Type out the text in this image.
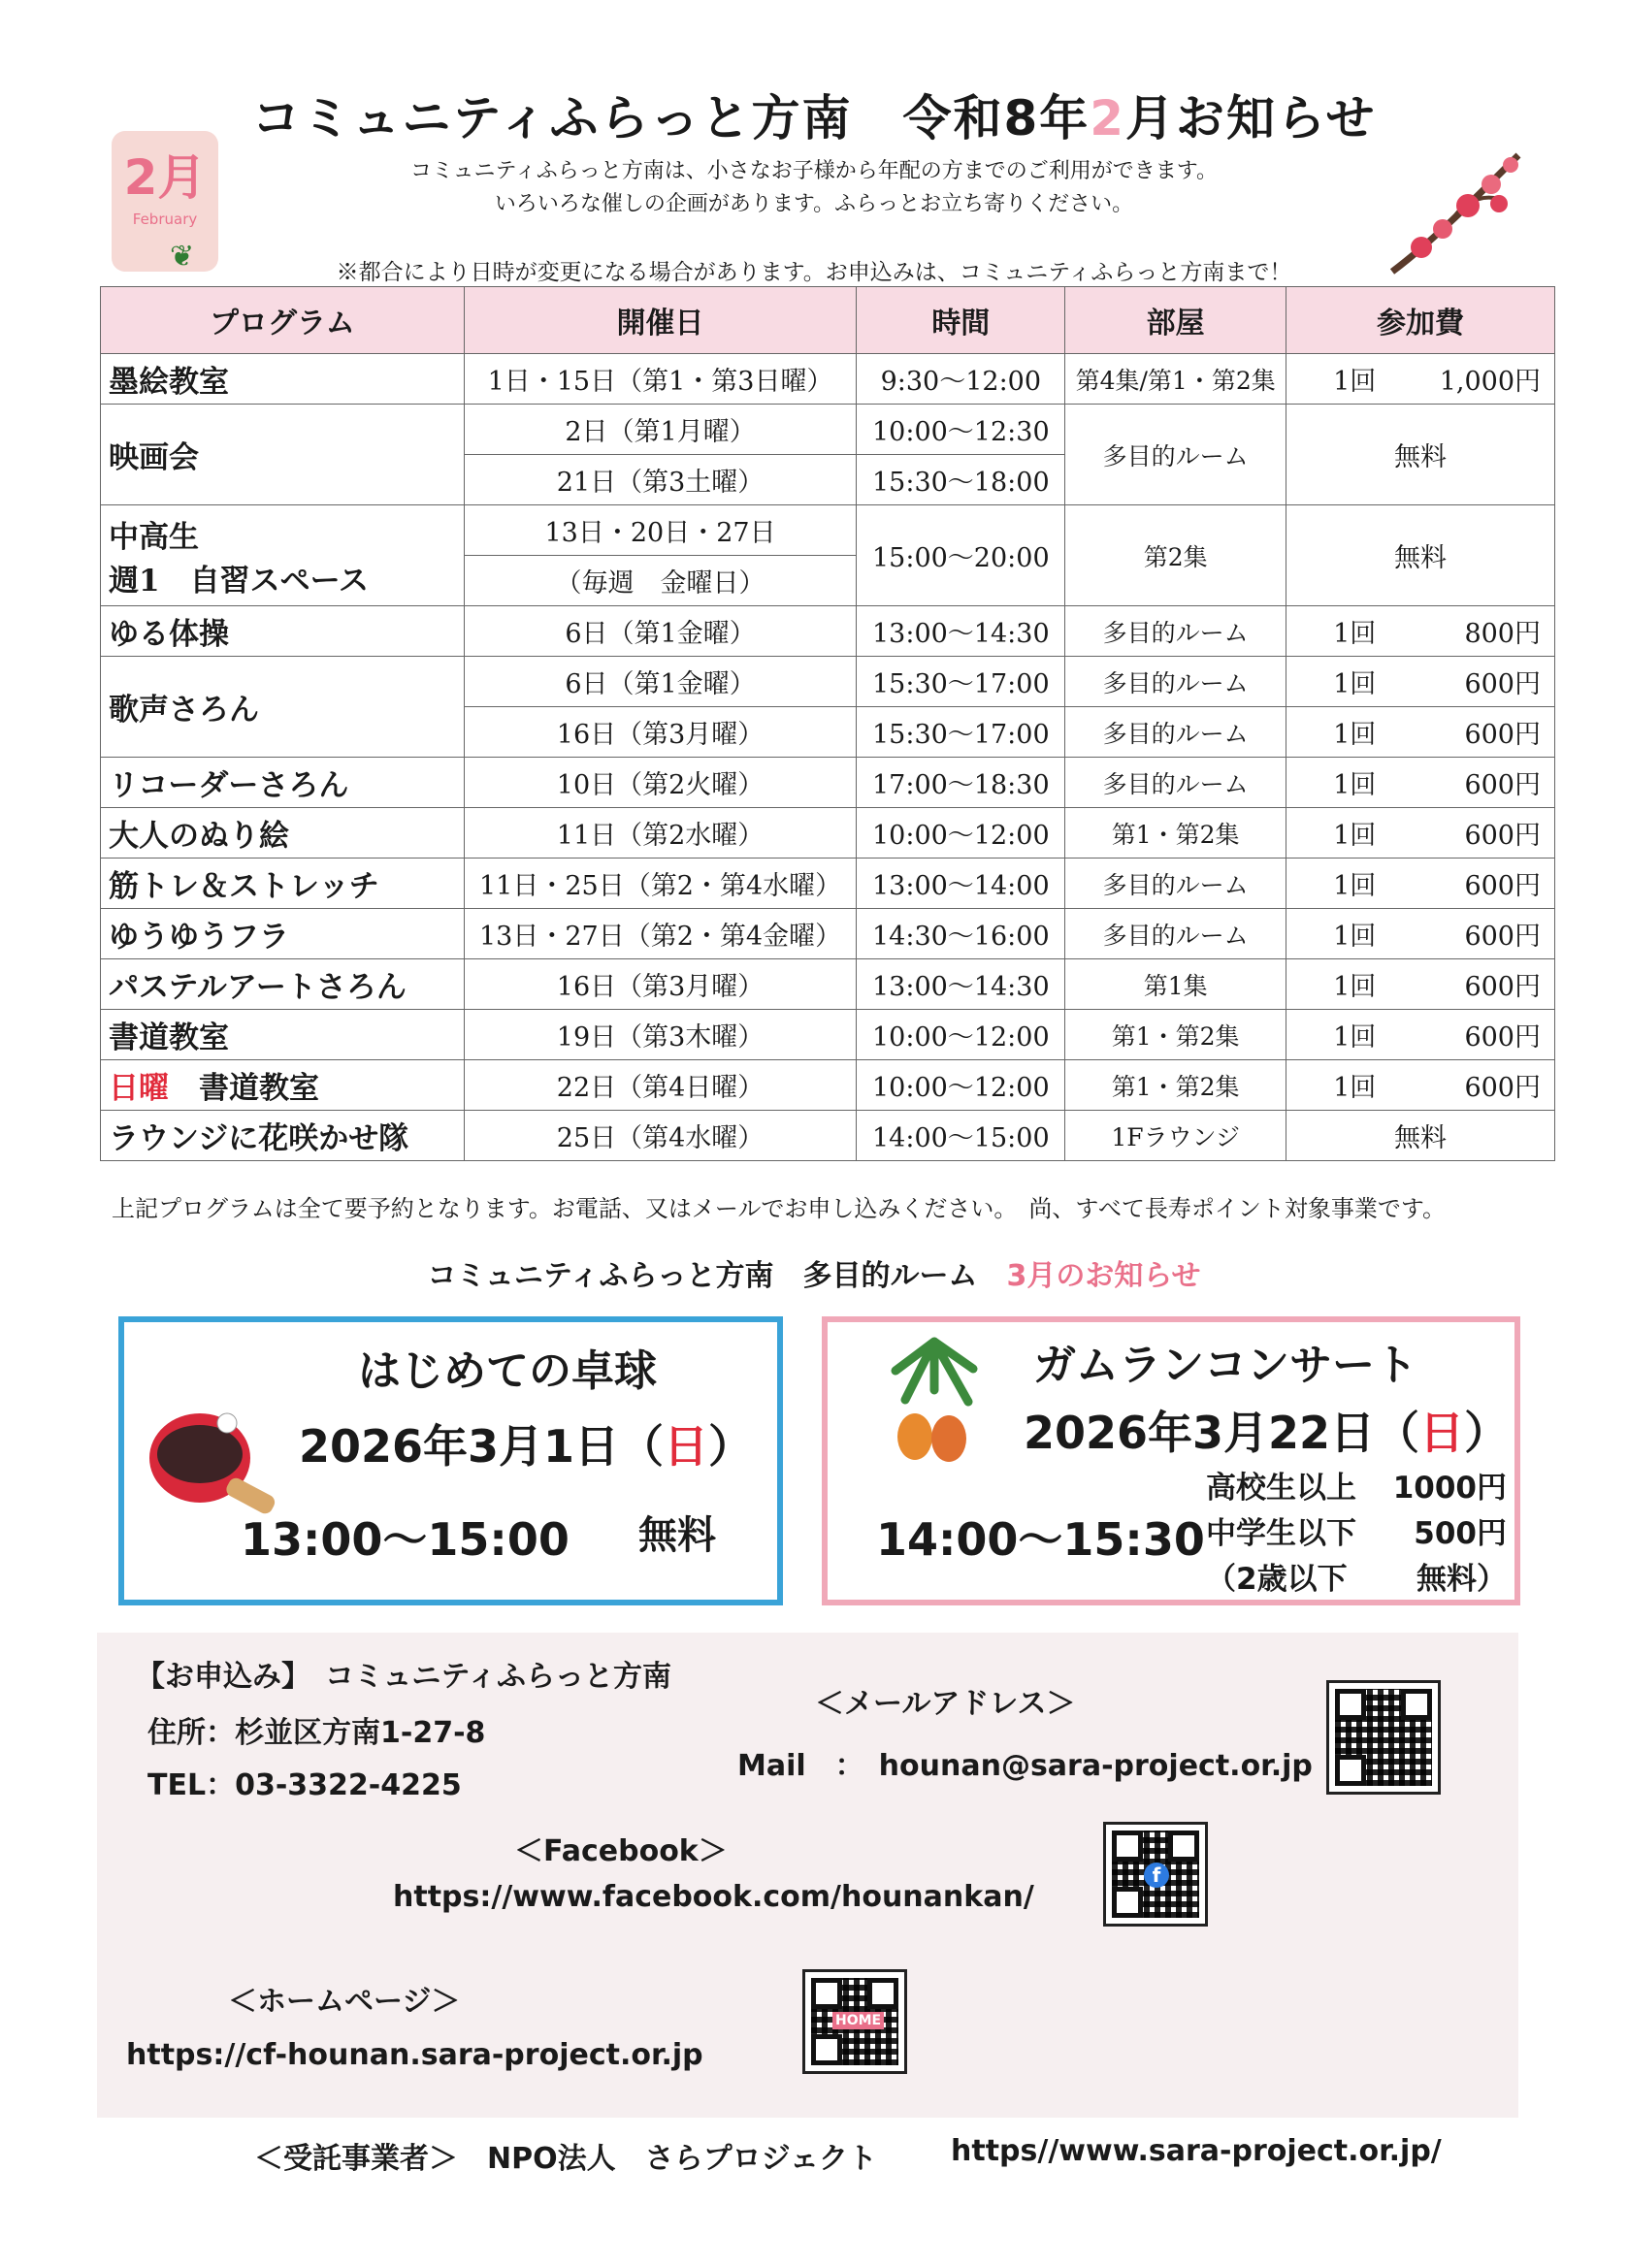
コミュニティふらっと方南　令和8年2月お知らせ
2月
February
❦
コミュニティふらっと方南は、小さなお子様から年配の方までのご利用ができます。
いろいろな催しの企画があります。ふらっとお立ち寄りください。
※都合により日時が変更になる場合があります。お申込みは、コミュニティふらっと方南まで！
プログラム	開催日	時間	部屋	参加費
墨絵教室	1日・15日（第1・第3日曜）	9:30～12:00	第4集/第1・第2集	1回 1,000円

映画会	2日（第1月曜）	10:00～12:30	多目的ルーム	無料
	21日（第3土曜）	15:30～18:00		

中高生
週1　自習スペース	13日・20日・27日	15:00～20:00	第2集	無料
	（毎週　金曜日）			
ゆる体操	6日（第1金曜）	13:00～14:30	多目的ルーム	1回 800円

歌声さろん	6日（第1金曜）	15:30～17:00	多目的ルーム	1回 600円

	16日（第3月曜）	15:30～17:00	多目的ルーム	1回 600円

リコーダーさろん	10日（第2火曜）	17:00～18:30	多目的ルーム	1回 600円

大人のぬり絵	11日（第2水曜）	10:00～12:00	第1・第2集	1回 600円

筋トレ＆ストレッチ	11日・25日（第2・第4水曜）	13:00～14:00	多目的ルーム	1回 600円

ゆうゆうフラ	13日・27日（第2・第4金曜）	14:30～16:00	多目的ルーム	1回 600円

パステルアートさろん	16日（第3月曜）	13:00～14:30	第1集	1回 600円

書道教室	19日（第3木曜）	10:00～12:00	第1・第2集	1回 600円

日曜　 書道教室	22日（第4日曜）	10:00～12:00	第1・第2集	1回 600円

ラウンジに花咲かせ隊	25日（第4水曜）	14:00～15:00	1Fラウンジ	無料
上記プログラムは全て要予約となります。お電話、又はメールでお申し込みください。　尚、すべて長寿ポイント対象事業です。
コミュニティふらっと方南　多目的ルーム　3月のお知らせ
はじめての卓球
2026年3月1日（日）
13:00～15:00 無料
ガムランコンサート
2026年3月22日（日）
14:00～15:30
高校生以上 1000円
中学生以下 500円
（2歳以下 無料）
【お申込み】　 コミュニティふらっと方南
住所：杉並区方南1-27-8
TEL：03-3322-4225
＜メールアドレス＞
Mail　：　hounan@sara-project.or.jp
＜Facebook＞
https://www.facebook.com/hounankan/
f
＜ホームページ＞
https://cf-hounan.sara-project.or.jp
HOME
＜受託事業者＞　NPO法人　さらプロジェクト	https//www.sara-project.or.jp/
